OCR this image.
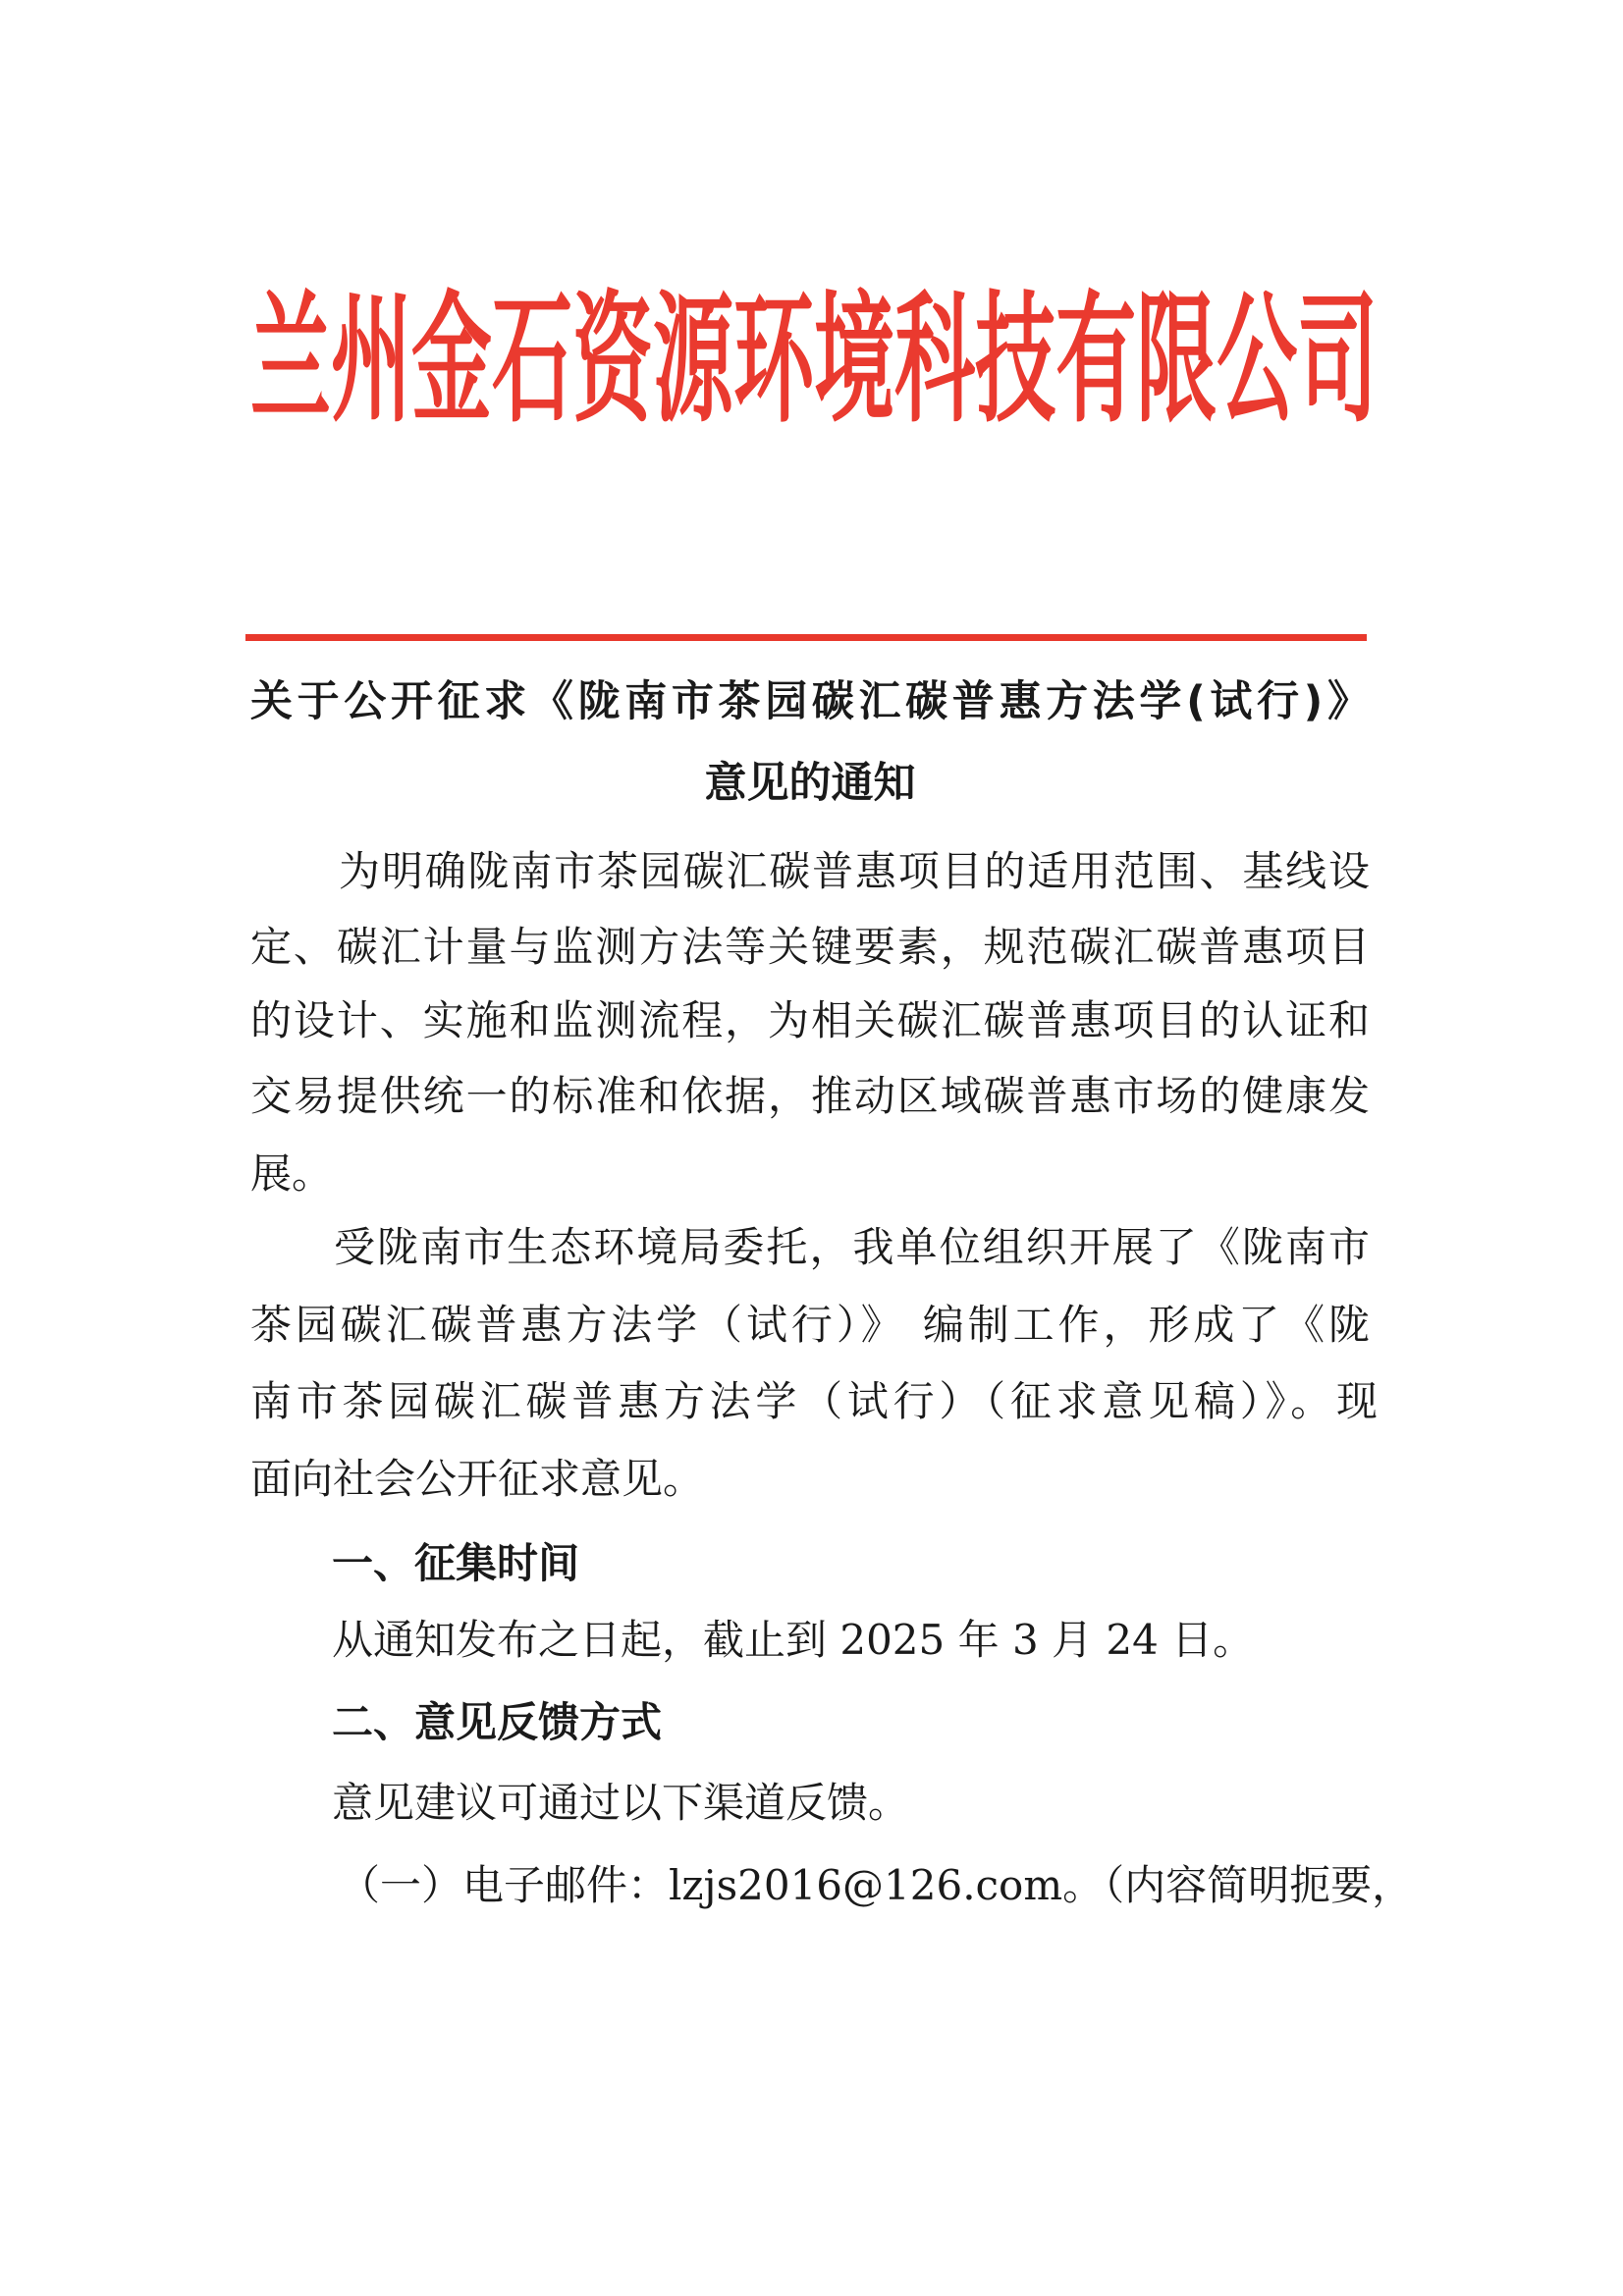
兰 州 金 石 资 源 环 境 科 技 有 限 公 司
关于公开征求《陇南市茶园碳汇碳普惠方法学(试行)》
意见的通知
为明确陇南市茶园碳汇碳普惠项目的适用范围、基线设
定、碳汇计量与监测方法等关键要素，规范碳汇碳普惠项目
的设计、实施和监测流程，为相关碳汇碳普惠项目的认证和
交易提供统一的标准和依据，推动区域碳普惠市场的健康发
展。
受陇南市生态环境局委托，我单位组织开展了《陇南市
茶园碳汇碳普惠方法学（试行）》 编制工作，形成了《陇
南市茶园碳汇碳普惠方法学（试行）（征求意见稿）》。现
面向社会公开征求意见。
一、征集时间
从通知发布之日起，截止到 2025 年 3 月 24 日。
二、意见反馈方式
意见建议可通过以下渠道反馈。
（一）电子邮件：lzjs2016@126.com。（内容简明扼要，
